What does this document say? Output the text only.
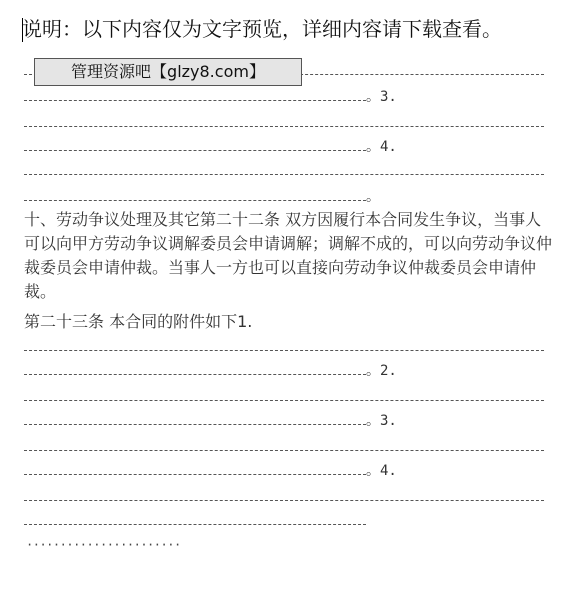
说明：以下内容仅为文字预览，详细内容请下载查看。
管理资源吧【glzy8.com】
。3.
。4.
。
十、劳动争议处理及其它第二十二条 双方因履行本合同发生争议，当事人可以向甲方劳动争议调解委员会申请调解；调解不成的，可以向劳动争议仲裁委员会申请仲裁。当事人一方也可以直接向劳动争议仲裁委员会申请仲裁。
第二十三条 本合同的附件如下1.
。2.
。3.
。4.
·······················
